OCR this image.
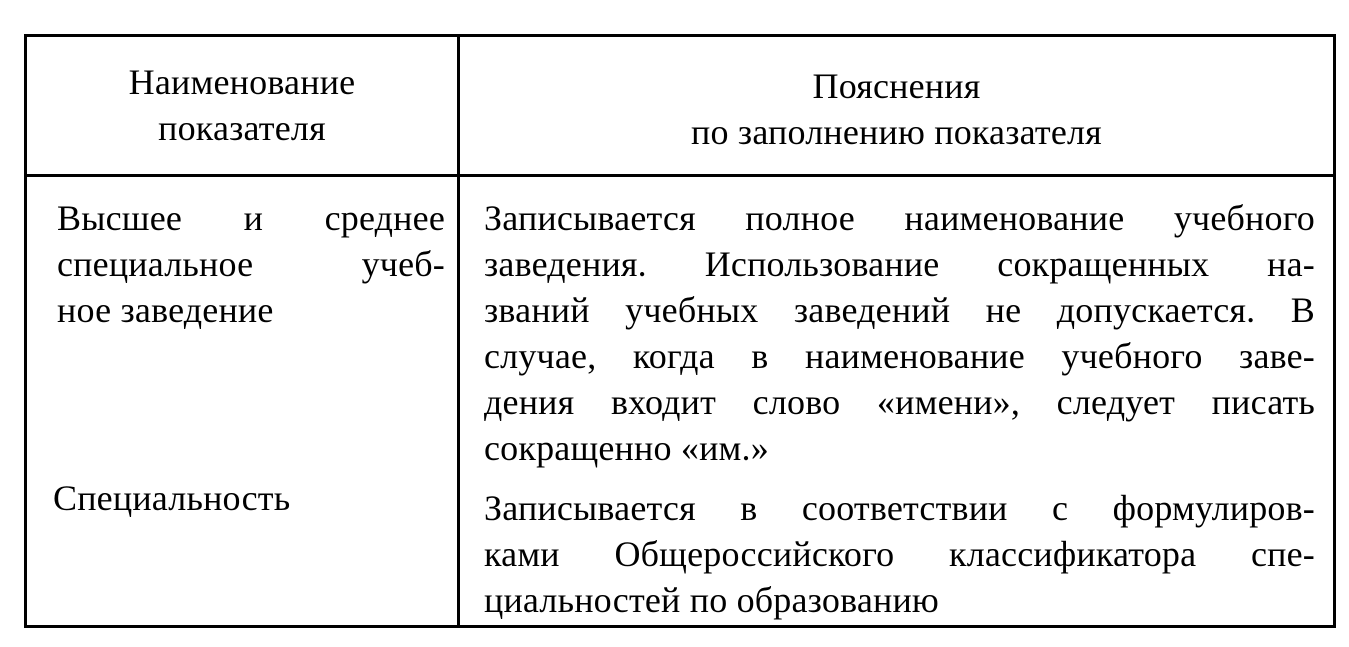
Наименование
показателя
Пояснения
по заполнению показателя
Высшее и среднее
специальное учеб-
ное заведение
Записывается полное наименование учебного
заведения. Использование сокращенных на-
званий учебных заведений не допускается. В
случае, когда в наименование учебного заве-
дения входит слово «имени», следует писать
сокращенно «им.»
Специальность	Записывается в соответствии с формулиров-
ками Общероссийского классификатора спе-
циальностей по образованию
